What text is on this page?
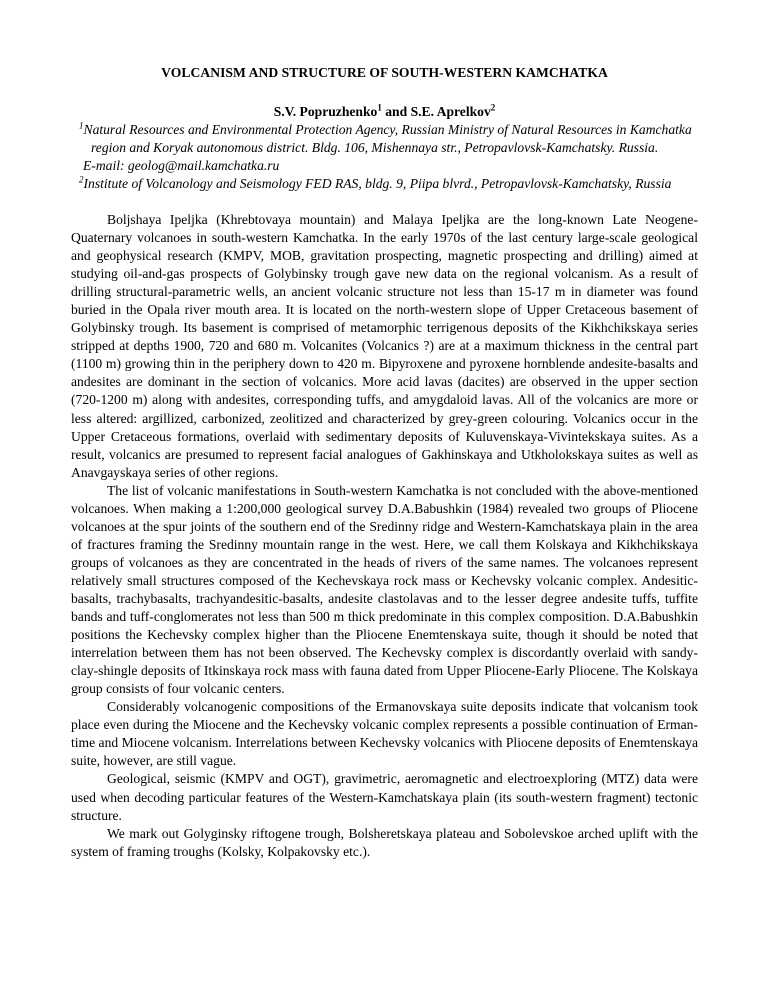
VOLCANISM AND STRUCTURE OF SOUTH-WESTERN KAMCHATKA
S.V. Popruzhenko$^1$ and S.E. Aprelkov$^2$
$^1$Natural Resources and Environmental Protection Agency, Russian Ministry of Natural Resources in Kamchatka region and Koryak autonomous district. Bldg. 106, Mishennaya str., Petropavlovsk-Kamchatsky. Russia.
E-mail: geolog@mail.kamchatka.ru
$^2$Institute of Volcanology and Seismology FED RAS, bldg. 9, Piipa blvrd., Petropavlovsk-Kamchatsky, Russia

Boljshaya Ipeljka (Khrebtovaya mountain) and Malaya Ipeljka are the long-known Late Neogene-Quaternary volcanoes in south-western Kamchatka. In the early 1970s of the last century large-scale geological and geophysical research (KMPV, MOB, gravitation prospecting, magnetic prospecting and drilling) aimed at studying oil-and-gas prospects of Golybinsky trough gave new data on the regional volcanism. As a result of drilling structural-parametric wells, an ancient volcanic structure not less than 15-17 m in diameter was found buried in the Opala river mouth area. It is located on the north-western slope of Upper Cretaceous basement of Golybinsky trough. Its basement is comprised of metamorphic terrigenous deposits of the Kikhchikskaya series stripped at depths 1900, 720 and 680 m. Volcanites (Volcanics ?) are at a maximum thickness in the central part (1100 m) growing thin in the periphery down to 420 m. Bipyroxene and pyroxene hornblende andesite-basalts and andesites are dominant in the section of volcanics. More acid lavas (dacites) are observed in the upper section (720-1200 m) along with andesites, corresponding tuffs, and amygdaloid lavas. All of the volcanics are more or less altered: argillized, carbonized, zeolitized and characterized by grey-green colouring. Volcanics occur in the Upper Cretaceous formations, overlaid with sedimentary deposits of Kuluvenskaya-Vivintekskaya suites. As a result, volcanics are presumed to represent facial analogues of Gakhinskaya and Utkholokskaya suites as well as Anavgayskaya series of other regions.

The list of volcanic manifestations in South-western Kamchatka is not concluded with the above-mentioned volcanoes. When making a 1:200,000 geological survey D.A.Babushkin (1984) revealed two groups of Pliocene volcanoes at the spur joints of the southern end of the Sredinny ridge and Western-Kamchatskaya plain in the area of fractures framing the Sredinny mountain range in the west. Here, we call them Kolskaya and Kikhchikskaya groups of volcanoes as they are concentrated in the heads of rivers of the same names. The volcanoes represent relatively small structures composed of the Kechevskaya rock mass or Kechevsky volcanic complex. Andesitic-basalts, trachybasalts, trachyandesitic-basalts, andesite clastolavas and to the lesser degree andesite tuffs, tuffite bands and tuff-conglomerates not less than 500 m thick predominate in this complex composition. D.A.Babushkin positions the Kechevsky complex higher than the Pliocene Enemtenskaya suite, though it should be noted that interrelation between them has not been observed. The Kechevsky complex is discordantly overlaid with sandy-clay-shingle deposits of Itkinskaya rock mass with fauna dated from Upper Pliocene-Early Pliocene. The Kolskaya group consists of four volcanic centers.

Considerably volcanogenic compositions of the Ermanovskaya suite deposits indicate that volcanism took place even during the Miocene and the Kechevsky volcanic complex represents a possible continuation of Erman-time and Miocene volcanism. Interrelations between Kechevsky volcanics with Pliocene deposits of Enemtenskaya suite, however, are still vague.

Geological, seismic (KMPV and OGT), gravimetric, aeromagnetic and electroexploring (MTZ) data were used when decoding particular features of the Western-Kamchatskaya plain (its south-western fragment) tectonic structure.

We mark out Golyginsky riftogene trough, Bolsheretskaya plateau and Sobolevskoe arched uplift with the system of framing troughs (Kolsky, Kolpakovsky etc.).
